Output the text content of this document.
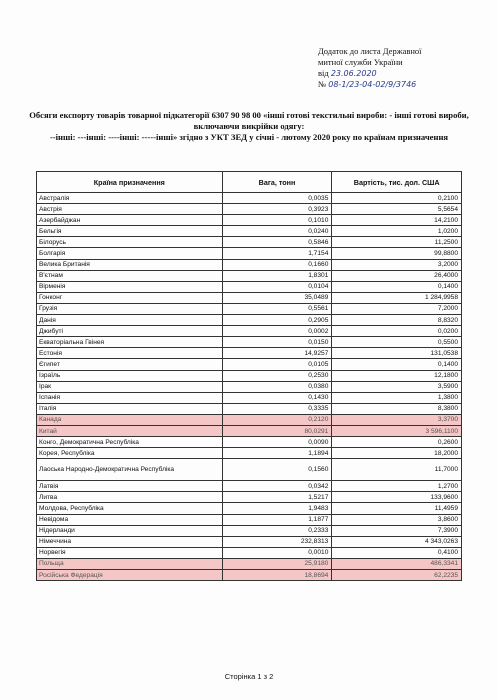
Додаток до листа Державної
митної служби України
від 23.06.2020
№ 08-1/23-04-02/9/3746
Обсяги експорту товарів товарної підкатегорії 6307 90 98 00 «інші готові текстильні вироби: - інші готові вироби, включаючи викрійки одягу:
--інші: ---інші: ----інші: -----інші» згідно з УКТ ЗЕД у січні - лютому 2020 року по країнам призначення
Країна призначення	Вага, тонн	Вартість, тис. дол. США
Австралія	0,0035	0,2100
Австрія	0,3923	5,5654
Азербайджан	0,1010	14,2100
Бельгія	0,0240	1,0200
Білорусь	0,5846	11,2500
Болгарія	1,7154	99,8800
Велика Британія	0,1660	3,2000
В'єтнам	1,8301	26,4000
Вірменія	0,0104	0,1400
Гонконг	35,0489	1 284,9958
Грузія	0,5561	7,2000
Данія	0,2905	8,8320
Джибуті	0,0002	0,0200
Екваторіальна Гвінея	0,0150	0,5500
Естонія	14,9257	131,0538
Єгипет	0,0105	0,1400
Ізраїль	0,2530	12,1800
Ірак	0,0380	3,5900
Іспанія	0,1430	1,3800
Італія	0,3335	8,3800
Канада	0,2120	3,3700
Китай	80,0291	3 596,1100
Конго, Демократична Республіка	0,0090	0,2600
Корея, Республіка	1,1894	18,2000
Лаоська Народно-Демократична Республіка	0,1560	11,7000
Латвія	0,0342	1,2700
Литва	1,5217	133,9600
Молдова, Республіка	1,9483	11,4959
Невідома	1,1877	3,8600
Нідерланди	0,2333	7,3900
Німеччина	232,8313	4 343,0263
Норвегія	0,0010	0,4100
Польща	25,9180	486,3341
Російська Федерація	18,8694	62,2235
Сторінка 1 з 2
